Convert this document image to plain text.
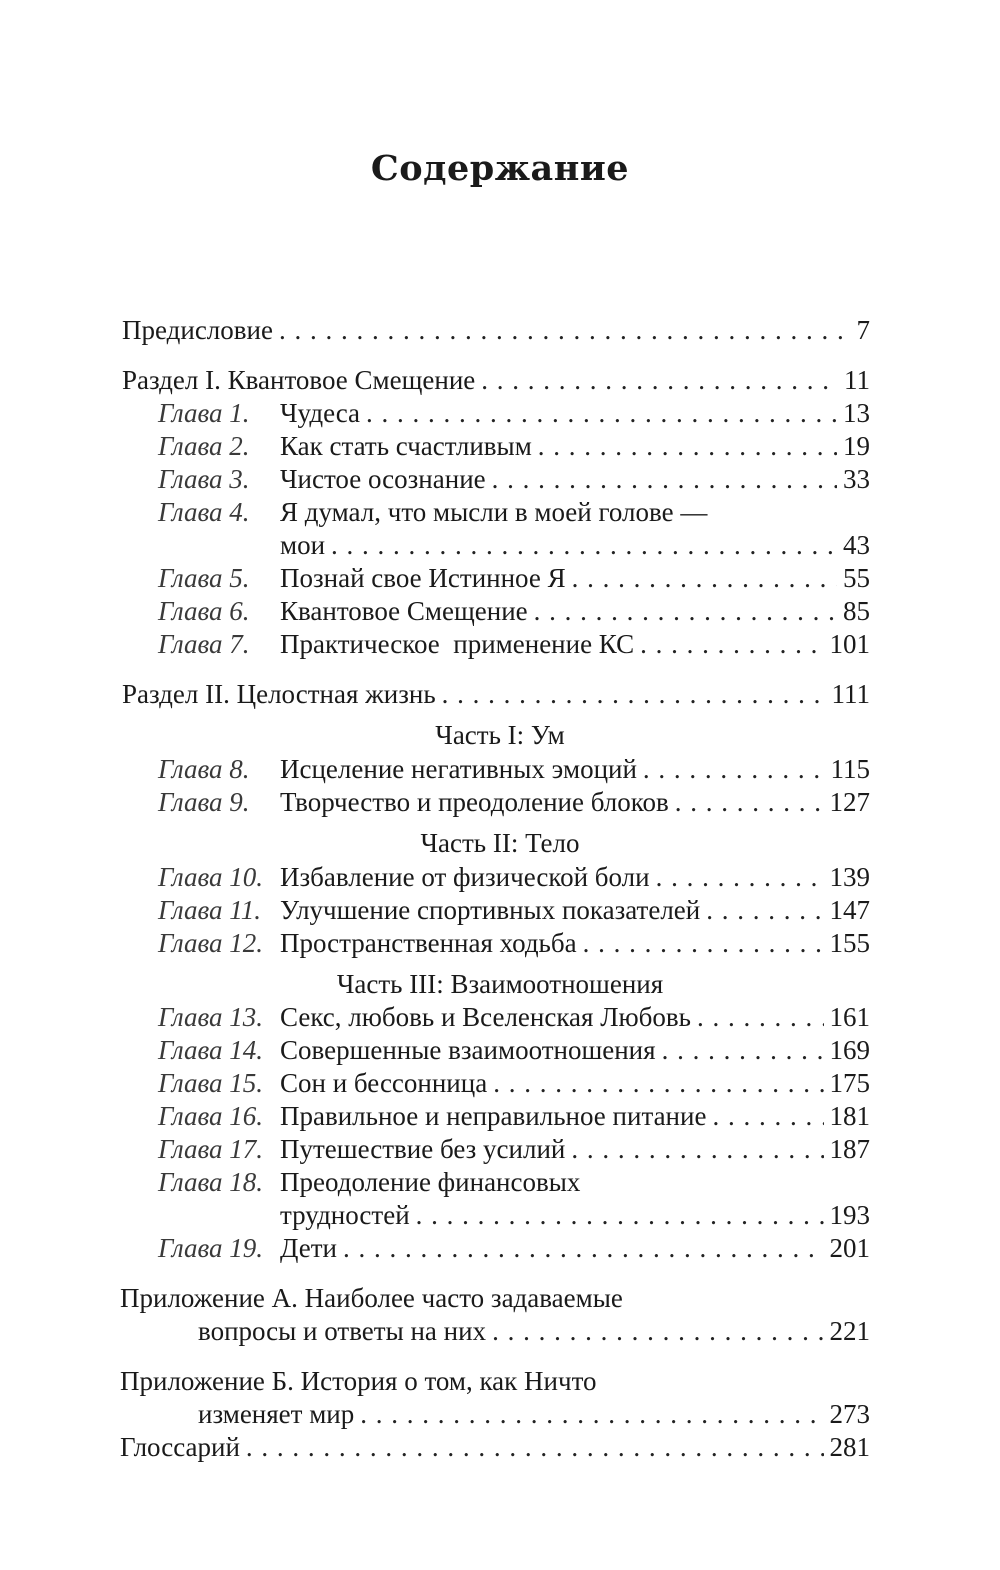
Содержание
Предисловие . . .	7
Раздел I. Квантовое Смещение . . .	11
Глава 1. Чудеса . . .	13
Глава 2. Как стать счастливым . . .	19
Глава 3. Чистое осознание . . .	33
Глава 4. Я думал, что мысли в моей голове —
мои . . .	43
Глава 5. Познай свое Истинное Я . . .	55
Глава 6. Квантовое Смещение . . .	85
Глава 7. Практическое  применение КС . . .	101
Раздел II. Целостная жизнь . . .	111
Часть I: Ум
Глава 8. Исцеление негативных эмоций . . .	115
Глава 9. Творчество и преодоление блоков . . .	127
Часть II: Тело
Глава 10. Избавление от физической боли . . .	139
Глава 11. Улучшение спортивных показателей . . .	147
Глава 12. Пространственная ходьба . . .	155
Часть III: Взаимоотношения
Глава 13. Секс, любовь и Вселенская Любовь . . .	161
Глава 14. Совершенные взаимоотношения . . .	169
Глава 15. Сон и бессонница . . .	175
Глава 16. Правильное и неправильное питание . . .	181
Глава 17. Путешествие без усилий . . .	187
Глава 18. Преодоление финансовых
трудностей . . .	193
Глава 19. Дети . . .	201
Приложение А. Наиболее часто задаваемые
вопросы и ответы на них . . .	221
Приложение Б. История о том, как Ничто
изменяет мир . . .	273
Глоссарий . . .	281
